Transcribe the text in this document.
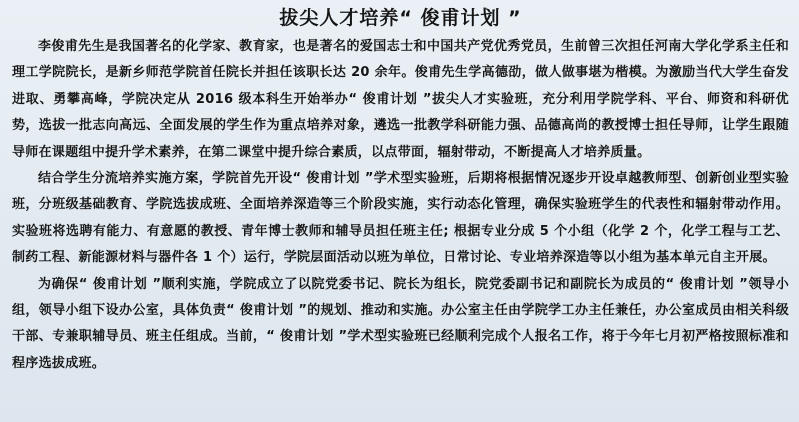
拔尖人才培养“ 俊甫计划 ”

李俊甫先生是我国著名的化学家、教育家，也是著名的爱国志士和中国共产党优秀党员，生前曾三次担任河南大学化学系主任和理工学院院长，是新乡师范学院首任院长并担任该职长达 20 余年。俊甫先生学高德劭，做人做事堪为楷模。为激励当代大学生奋发进取、勇攀高峰，学院决定从 2016 级本科生开始举办“ 俊甫计划 ”拔尖人才实验班，充分利用学院学科、平台、师资和科研优势，选拔一批志向高远、全面发展的学生作为重点培养对象，遴选一批教学科研能力强、品德高尚的教授博士担任导师，让学生跟随导师在课题组中提升学术素养，在第二课堂中提升综合素质，以点带面，辐射带动，不断提高人才培养质量。

结合学生分流培养实施方案，学院首先开设“ 俊甫计划 ”学术型实验班，后期将根据情况逐步开设卓越教师型、创新创业型实验班，分班级基础教育、学院选拔成班、全面培养深造等三个阶段实施，实行动态化管理，确保实验班学生的代表性和辐射带动作用。实验班将选聘有能力、有意愿的教授、青年博士教师和辅导员担任班主任; 根据专业分成 5 个小组（化学 2 个，化学工程与工艺、制药工程、新能源材料与器件各 1 个）运行，学院层面活动以班为单位，日常讨论、专业培养深造等以小组为基本单元自主开展。

为确保“ 俊甫计划 ”顺利实施，学院成立了以院党委书记、院长为组长，院党委副书记和副院长为成员的“ 俊甫计划 ”领导小组，领导小组下设办公室，具体负责“ 俊甫计划 ”的规划、推动和实施。办公室主任由学院学工办主任兼任，办公室成员由相关科级干部、专兼职辅导员、班主任组成。当前，“ 俊甫计划 ”学术型实验班已经顺利完成个人报名工作，将于今年七月初严格按照标准和程序选拔成班。
